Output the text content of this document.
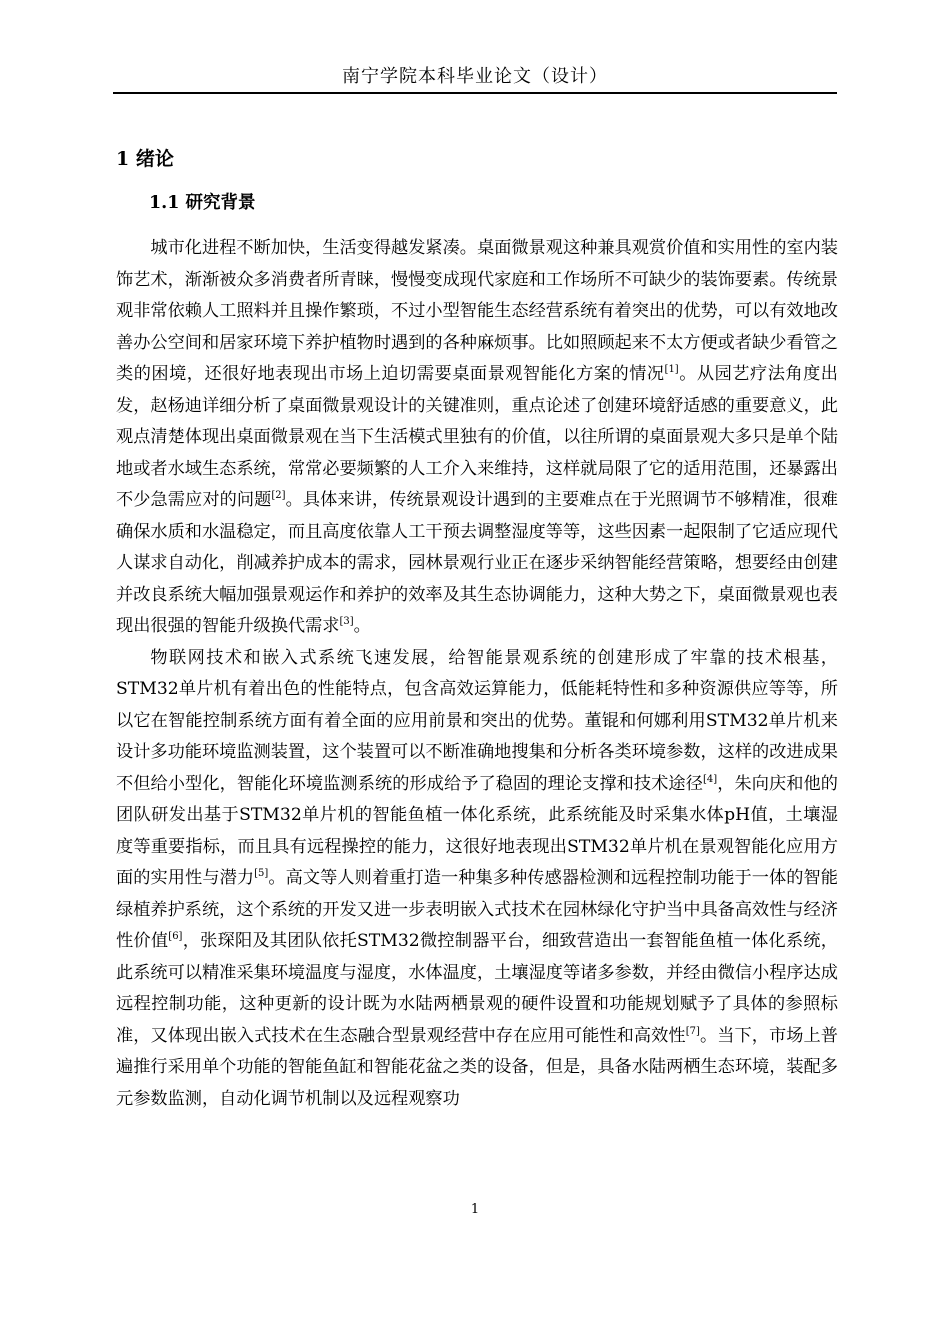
南宁学院本科毕业论文（设计）
1 绪论
1.1 研究背景

城市化进程不断加快，生活变得越发紧凑。桌面微景观这种兼具观赏价值和实用性的室内装饰艺术，渐渐被众多消费者所青睐，慢慢变成现代家庭和工作场所不可缺少的装饰要素。传统景观非常依赖人工照料并且操作繁琐，不过小型智能生态经营系统有着突出的优势，可以有效地改善办公空间和居家环境下养护植物时遇到的各种麻烦事。比如照顾起来不太方便或者缺少看管之类的困境，还很好地表现出市场上迫切需要桌面景观智能化方案的情况[1]。从园艺疗法角度出发，赵杨迪详细分析了桌面微景观设计的关键准则，重点论述了创建环境舒适感的重要意义，此观点清楚体现出桌面微景观在当下生活模式里独有的价值，以往所谓的桌面景观大多只是单个陆地或者水域生态系统，常常必要频繁的人工介入来维持，这样就局限了它的适用范围，还暴露出不少急需应对的问题[2]。具体来讲，传统景观设计遇到的主要难点在于光照调节不够精准，很难确保水质和水温稳定，而且高度依靠人工干预去调整湿度等等，这些因素一起限制了它适应现代人谋求自动化，削减养护成本的需求，园林景观行业正在逐步采纳智能经营策略，想要经由创建并改良系统大幅加强景观运作和养护的效率及其生态协调能力，这种大势之下，桌面微景观也表现出很强的智能升级换代需求[3]。

物联网技术和嵌入式系统飞速发展，给智能景观系统的创建形成了牢靠的技术根基，STM32单片机有着出色的性能特点，包含高效运算能力，低能耗特性和多种资源供应等等，所以它在智能控制系统方面有着全面的应用前景和突出的优势。董锟和何娜利用STM32单片机来设计多功能环境监测装置，这个装置可以不断准确地搜集和分析各类环境参数，这样的改进成果不但给小型化，智能化环境监测系统的形成给予了稳固的理论支撑和技术途径[4]，朱向庆和他的团队研发出基于STM32单片机的智能鱼植一体化系统，此系统能及时采集水体pH值，土壤湿度等重要指标，而且具有远程操控的能力，这很好地表现出STM32单片机在景观智能化应用方面的实用性与潜力[5]。高文等人则着重打造一种集多种传感器检测和远程控制功能于一体的智能绿植养护系统，这个系统的开发又进一步表明嵌入式技术在园林绿化守护当中具备高效性与经济性价值[6]，张琛阳及其团队依托STM32微控制器平台，细致营造出一套智能鱼植一体化系统，此系统可以精准采集环境温度与湿度，水体温度，土壤湿度等诸多参数，并经由微信小程序达成远程控制功能，这种更新的设计既为水陆两栖景观的硬件设置和功能规划赋予了具体的参照标准，又体现出嵌入式技术在生态融合型景观经营中存在应用可能性和高效性[7]。当下，市场上普遍推行采用单个功能的智能鱼缸和智能花盆之类的设备，但是，具备水陆两栖生态环境，装配多元参数监测，自动化调节机制以及远程观察功

1
